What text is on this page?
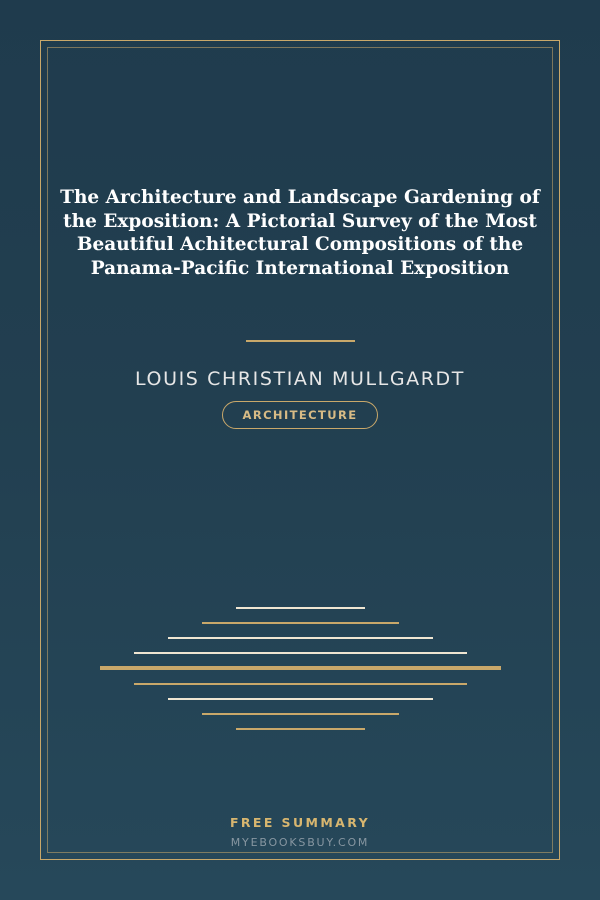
The Architecture and Landscape Gardening of the Exposition: A Pictorial Survey of the Most Beautiful Achitectural Compositions of the Panama-Pacific International Exposition
LOUIS CHRISTIAN MULLGARDT
ARCHITECTURE
FREE SUMMARY
MYEBOOKSBUY.COM
